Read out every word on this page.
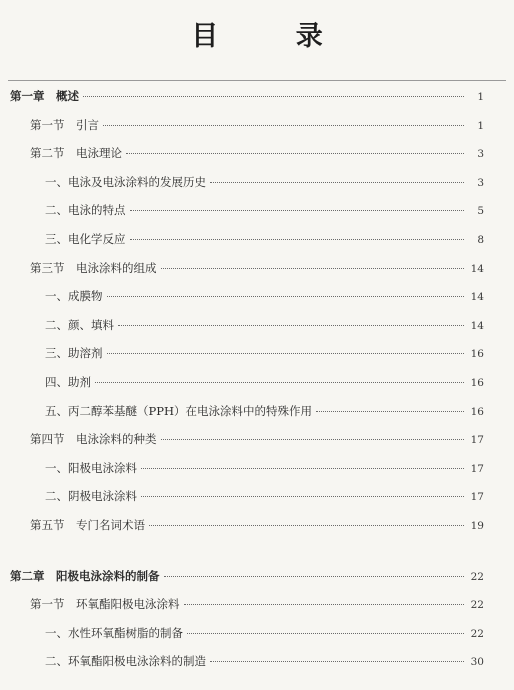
目 录
第一章　概述	1
第一节　引言	1
第二节　电泳理论	3
一、电泳及电泳涂料的发展历史	3
二、电泳的特点	5
三、电化学反应	8
第三节　电泳涂料的组成	14
一、成膜物	14
二、颜、填料	14
三、助溶剂	16
四、助剂	16
五、丙二醇苯基醚（PPH）在电泳涂料中的特殊作用	16
第四节　电泳涂料的种类	17
一、阳极电泳涂料	17
二、阴极电泳涂料	17
第五节　专门名词术语	19
第二章　阳极电泳涂料的制备	22
第一节　环氧酯阳极电泳涂料	22
一、水性环氧酯树脂的制备	22
二、环氧酯阳极电泳涂料的制造	30
